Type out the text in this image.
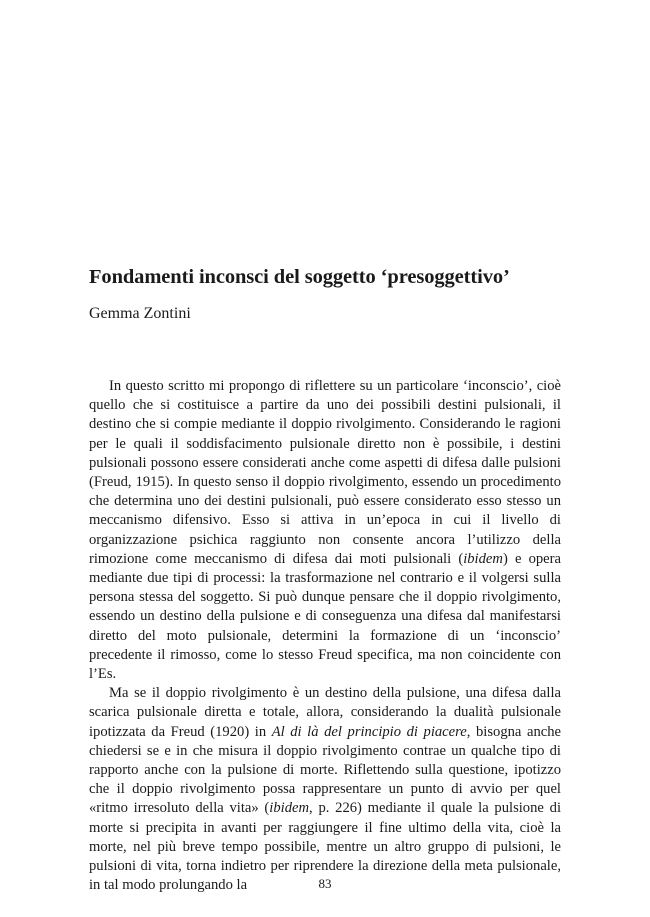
Fondamenti inconsci del soggetto ‘presoggettivo’
Gemma Zontini

In questo scritto mi propongo di riflettere su un particolare ‘inconscio’, cioè quello che si costituisce a partire da uno dei possibili destini pulsionali, il destino che si compie mediante il doppio rivolgimento. Considerando le ragioni per le quali il soddisfacimento pulsionale diretto non è possibile, i destini pulsionali possono essere considerati anche come aspetti di difesa dalle pulsioni (Freud, 1915). In questo senso il doppio rivolgimento, essendo un procedimento che determina uno dei destini pulsionali, può essere considerato esso stesso un meccanismo difensivo. Esso si attiva in un’epoca in cui il livello di organizzazione psichica raggiunto non consente ancora l’utilizzo della rimozione come meccanismo di difesa dai moti pulsionali (ibidem) e opera mediante due tipi di processi: la trasformazione nel contrario e il volgersi sulla persona stessa del soggetto. Si può dunque pensare che il doppio rivolgimento, essendo un destino della pulsione e di conseguenza una difesa dal manifestarsi diretto del moto pulsionale, determini la formazione di un ‘inconscio’ precedente il rimosso, come lo stesso Freud specifica, ma non coincidente con l’Es.

Ma se il doppio rivolgimento è un destino della pulsione, una difesa dalla scarica pulsionale diretta e totale, allora, considerando la dualità pulsionale ipotizzata da Freud (1920) in Al di là del principio di piacere, bisogna anche chiedersi se e in che misura il doppio rivolgimento contrae un qualche tipo di rapporto anche con la pulsione di morte. Riflettendo sulla questione, ipotizzo che il doppio rivolgimento possa rappresentare un punto di avvio per quel «ritmo irresoluto della vita» (ibidem, p. 226) mediante il quale la pulsione di morte si precipita in avanti per raggiungere il fine ultimo della vita, cioè la morte, nel più breve tempo possibile, mentre un altro gruppo di pulsioni, le pulsioni di vita, torna indietro per riprendere la direzione della meta pulsionale, in tal modo prolungando la	83
